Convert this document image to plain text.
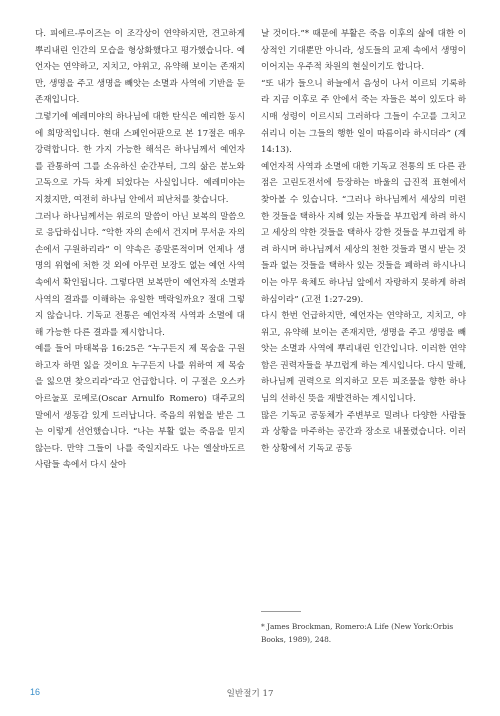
다. 피에르-루이즈는 이 조각상이 연약하지만, 견고하게 뿌리내린 인간의 모습을 형상화했다고 평가했습니다. 예언자는 연약하고, 지치고, 야위고, 유약해 보이는 존재지만, 생명을 주고 생명을 빼앗는 소멸과 사역에 기반을 둔 존재입니다.

그렇기에 예레미야의 하나님에 대한 탄식은 예리한 동시에 희망적입니다. 현대 스페인어판으로 본 17절은 매우 강력합니다. 한 가지 가능한 해석은 하나님께서 예언자를 관통하여 그를 소유하신 순간부터, 그의 삶은 분노와 고독으로 가득 차게 되었다는 사실입니다. 예레미야는 지쳤지만, 여전히 하나님 안에서 피난처를 찾습니다.

그러나 하나님께서는 위로의 말씀이 아닌 보복의 말씀으로 응답하십니다. “악한 자의 손에서 건지며 무서운 자의 손에서 구원하리라” 이 약속은 종말론적이며 언제나 생명의 위협에 처한 것 외에 아무런 보장도 없는 예언 사역 속에서 확인됩니다. 그렇다면 보복만이 예언자적 소멸과 사역의 결과를 이해하는 유일한 맥락일까요? 절대 그렇지 않습니다. 기독교 전통은 예언자적 사역과 소멸에 대해 가능한 다른 결과를 제시합니다.

예를 들어 마태복음 16:25은 “누구든지 제 목숨을 구원하고자 하면 잃을 것이요 누구든지 나를 위하여 제 목숨을 잃으면 찾으리라”라고 언급합니다. 이 구절은 오스카 아르눌포 로메로(Oscar Arnulfo Romero) 대주교의 말에서 생동감 있게 드러납니다. 죽음의 위협을 받은 그는 이렇게 선언했습니다. “나는 부활 없는 죽음을 믿지 않는다. 만약 그들이 나를 죽일지라도 나는 엘살바도르 사람들 속에서 다시 살아

날 것이다.”* 때문에 부활은 죽음 이후의 삶에 대한 이상적인 기대뿐만 아니라, 성도들의 교제 속에서 생명이 이어지는 우주적 차원의 현실이기도 합니다.

“또 내가 들으니 하늘에서 음성이 나서 이르되 기록하라 지금 이후로 주 안에서 죽는 자들은 복이 있도다 하시매 성령이 이르시되 그러하다 그들이 수고를 그치고 쉬리니 이는 그들의 행한 일이 따름이라 하시더라” (계 14:13).

예언자적 사역과 소멸에 대한 기독교 전통의 또 다른 관점은 고린도전서에 등장하는 바울의 급진적 표현에서 찾아볼 수 있습니다. “그러나 하나님께서 세상의 미련한 것들을 택하사 지혜 있는 자들을 부끄럽게 하려 하시고 세상의 약한 것들을 택하사 강한 것들을 부끄럽게 하려 하시며 하나님께서 세상의 천한 것들과 멸시 받는 것들과 없는 것들을 택하사 있는 것들을 폐하려 하시나니 이는 아무 육체도 하나님 앞에서 자랑하지 못하게 하려 하심이라” (고전 1:27-29).

다시 한번 언급하지만, 예언자는 연약하고, 지치고, 야위고, 유약해 보이는 존재지만, 생명을 주고 생명을 빼앗는 소멸과 사역에 뿌리내린 인간입니다. 이러한 연약함은 권력자들을 부끄럽게 하는 계시입니다. 다시 말해, 하나님께 권력으로 의지하고 모든 피조물을 향한 하나님의 선하신 뜻을 재발견하는 계시입니다.

많은 기독교 공동체가 주변부로 밀려나 다양한 사람들과 상황을 마주하는 공간과 장소로 내몰렸습니다. 이러한 상황에서 기독교 공동

* James Brockman, Romero:A Life (New York:Orbis Books, 1989), 248.
16	일반절기 17
